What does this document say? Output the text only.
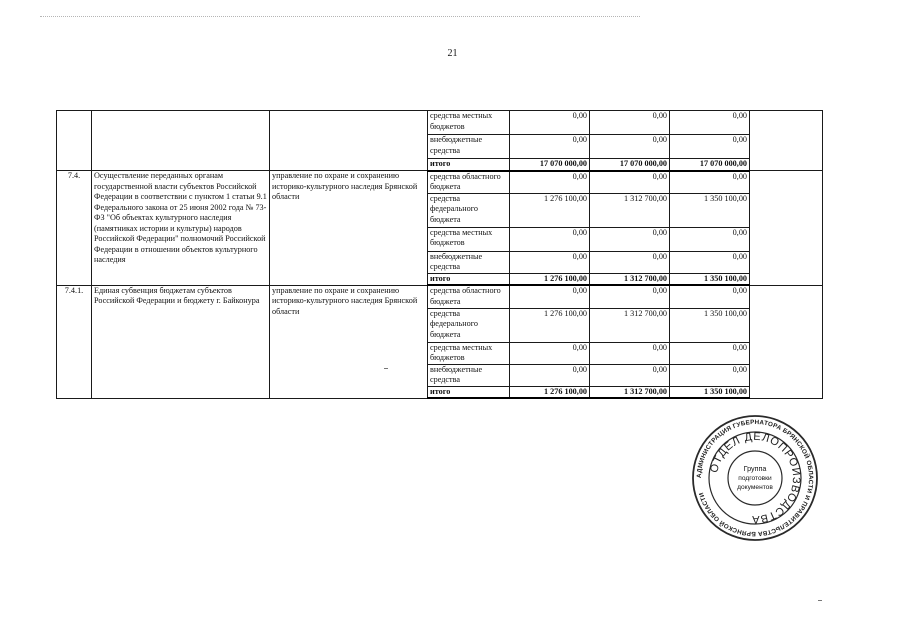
21
			средства местных бюджетов	0,00	0,00	0,00	
			внебюджетные средства	0,00	0,00	0,00	
			итого	17 070 000,00	17 070 000,00	17 070 000,00	
7.4.	Осуществление переданных органам государственной власти субъектов Российской Федерации в соответствии с пунктом 1 статьи 9.1 Федерального закона от 25 июня 2002 года № 73-ФЗ "Об объектах культурного наследия (памятниках истории и культуры) народов Российской Федерации" полномочий Российской Федерации в отношении объектов культурного наследия	управление по охране и сохранению историко-культурного наследия Брянской области	средства областного бюджета	0,00	0,00	0,00	
			средства федерального бюджета	1 276 100,00	1 312 700,00	1 350 100,00	
			средства местных бюджетов	0,00	0,00	0,00	
			внебюджетные средства	0,00	0,00	0,00	
			итого	1 276 100,00	1 312 700,00	1 350 100,00	
7.4.1.	Единая субвенция бюджетам субъектов Российской Федерации и бюджету г. Байконура	управление по охране и сохранению историко-культурного наследия Брянской области	средства областного бюджета	0,00	0,00	0,00	
			средства федерального бюджета	1 276 100,00	1 312 700,00	1 350 100,00	
			средства местных бюджетов	0,00	0,00	0,00	
			внебюджетные средства	0,00	0,00	0,00	
			итого	1 276 100,00	1 312 700,00	1 350 100,00	
АДМИНИСТРАЦИЯ ГУБЕРНАТОРА БРЯНСКОЙ ОБЛАСТИ И ПРАВИТЕЛЬСТВА БРЯНСКОЙ ОБЛАСТИ
ОТДЕЛ ДЕЛОПРОИЗВОДСТВА
Группа
подготовки
документов
